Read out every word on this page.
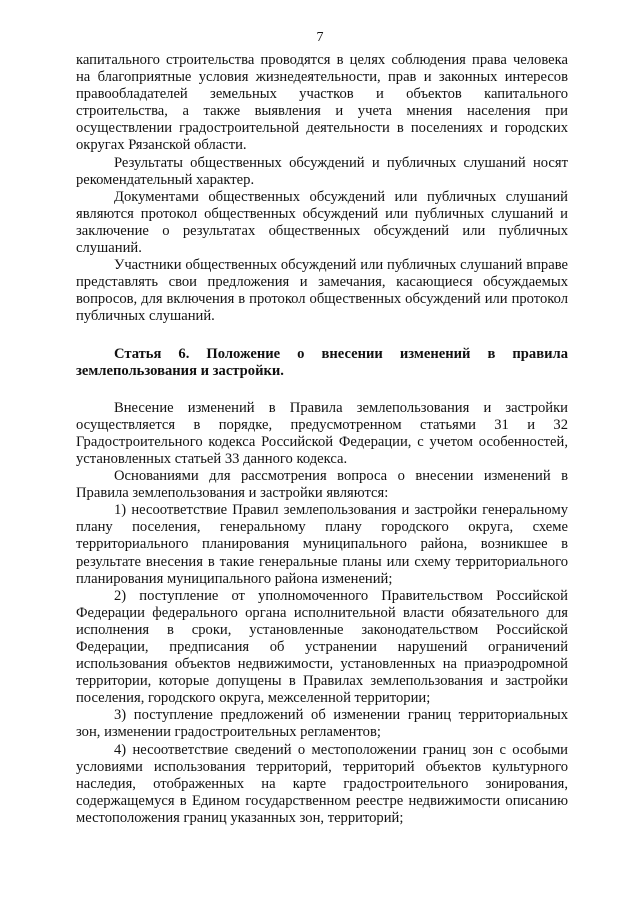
7

капитального строительства проводятся в целях соблюдения права человека на благоприятные условия жизнедеятельности, прав и законных интересов правообладателей земельных участков и объектов капитального строительства, а также выявления и учета мнения населения при осуществлении градостроительной деятельности в поселениях и городских округах Рязанской области.

Результаты общественных обсуждений и публичных слушаний носят рекомендательный характер.

Документами общественных обсуждений или публичных слушаний являются протокол общественных обсуждений или публичных слушаний и заключение о результатах общественных обсуждений или публичных слушаний.

Участники общественных обсуждений или публичных слушаний вправе представлять свои предложения и замечания, касающиеся обсуждаемых вопросов, для включения в протокол общественных обсуждений или протокол публичных слушаний.

Статья 6. Положение о внесении изменений в правила землепользования и застройки.

Внесение изменений в Правила землепользования и застройки осуществляется в порядке, предусмотренном статьями 31 и 32 Градостроительного кодекса Российской Федерации, с учетом особенностей, установленных статьей 33 данного кодекса.

Основаниями для рассмотрения вопроса о внесении изменений в Правила землепользования и застройки являются:

1) несоответствие Правил землепользования и застройки генеральному плану поселения, генеральному плану городского округа, схеме территориального планирования муниципального района, возникшее в результате внесения в такие генеральные планы или схему территориального планирования муниципального района изменений;

2) поступление от уполномоченного Правительством Российской Федерации федерального органа исполнительной власти обязательного для исполнения в сроки, установленные законодательством Российской Федерации, предписания об устранении нарушений ограничений использования объектов недвижимости, установленных на приаэродромной территории, которые допущены в Правилах землепользования и застройки поселения, городского округа, межселенной территории;

3) поступление предложений об изменении границ территориальных зон, изменении градостроительных регламентов;

4) несоответствие сведений о местоположении границ зон с особыми условиями использования территорий, территорий объектов культурного наследия, отображенных на карте градостроительного зонирования, содержащемуся в Едином государственном реестре недвижимости описанию местоположения границ указанных зон, территорий;
